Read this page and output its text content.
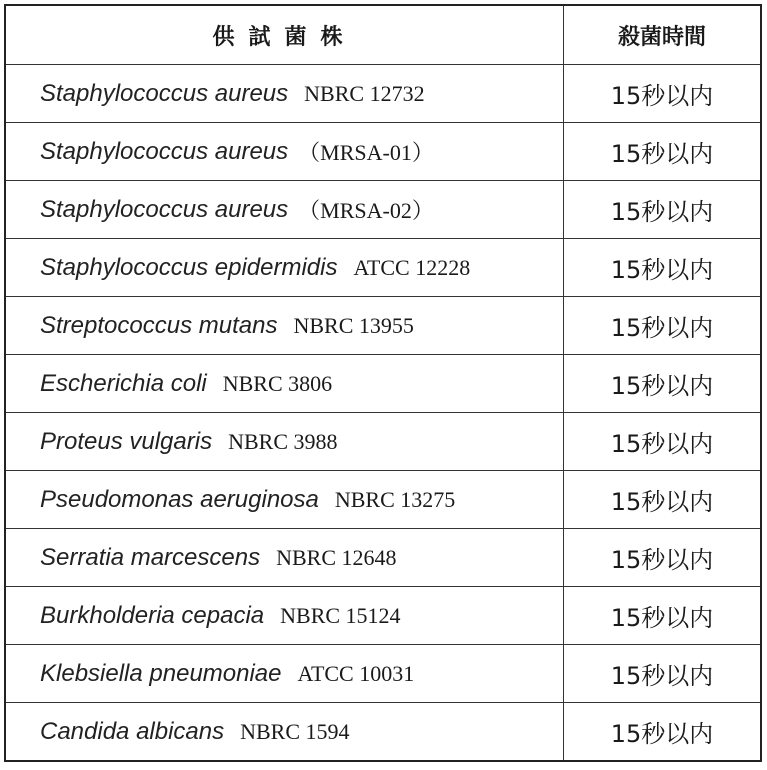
供試菌株	殺菌時間
Staphylococcus aureus NBRC 12732	15秒以内
Staphylococcus aureus （MRSA-01）	15秒以内
Staphylococcus aureus （MRSA-02）	15秒以内
Staphylococcus epidermidis ATCC 12228	15秒以内
Streptococcus mutans NBRC 13955	15秒以内
Escherichia coli NBRC 3806	15秒以内
Proteus vulgaris NBRC 3988	15秒以内
Pseudomonas aeruginosa NBRC 13275	15秒以内
Serratia marcescens NBRC 12648	15秒以内
Burkholderia cepacia NBRC 15124	15秒以内
Klebsiella pneumoniae ATCC 10031	15秒以内
Candida albicans NBRC 1594	15秒以内
